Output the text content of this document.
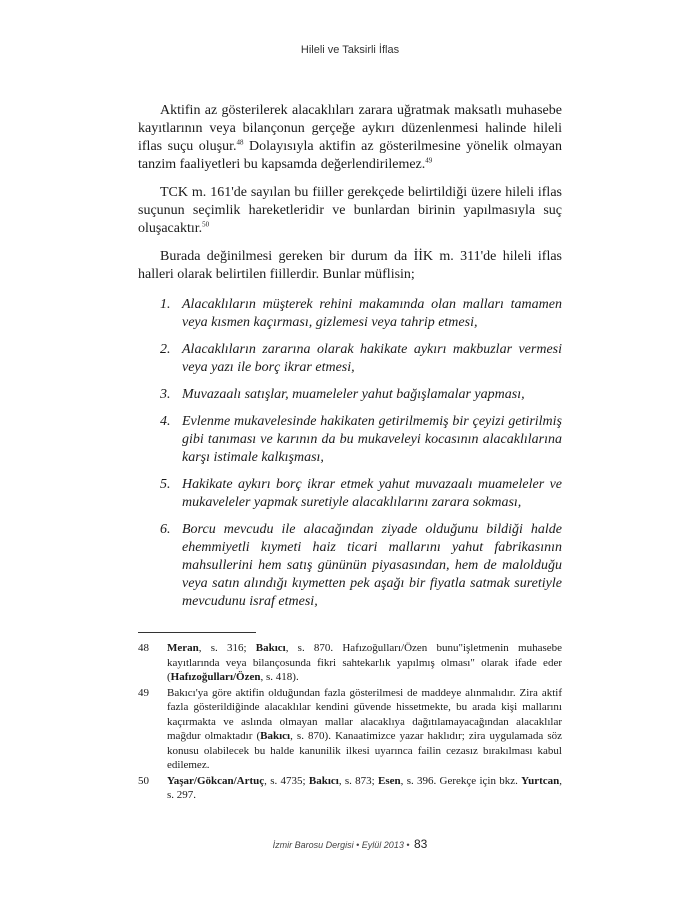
Hileli ve Taksirli İflas

Aktifin az gösterilerek alacaklıları zarara uğratmak maksatlı muhasebe kayıtlarının veya bilançonun gerçeğe aykırı düzenlenmesi halinde hileli iflas suçu oluşur.$^{48}$ Dolayısıyla aktifin az gösterilmesine yönelik olmayan tanzim faaliyetleri bu kapsamda değerlendirilemez.$^{49}$

TCK m. 161'de sayılan bu fiiller gerekçede belirtildiği üzere hileli iflas suçunun seçimlik hareketleridir ve bunlardan birinin yapılmasıyla suç oluşacaktır.$^{50}$

Burada değinilmesi gereken bir durum da İİK m. 311'de hileli iflas halleri olarak belirtilen fiillerdir. Bunlar müflisin;

1. Alacaklıların müşterek rehini makamında olan malları tamamen veya kısmen kaçırması, gizlemesi veya tahrip etmesi,
2. Alacaklıların zararına olarak hakikate aykırı makbuzlar vermesi veya yazı ile borç ikrar etmesi,
3. Muvazaalı satışlar, muameleler yahut bağışlamalar yapması,
4. Evlenme mukavelesinde hakikaten getirilmemiş bir çeyizi getirilmiş gibi tanıması ve karının da bu mukaveleyi kocasının alacaklılarına karşı istimale kalkışması,
5. Hakikate aykırı borç ikrar etmek yahut muvazaalı muameleler ve mukaveleler yapmak suretiyle alacaklılarını zarara sokması,
6. Borcu mevcudu ile alacağından ziyade olduğunu bildiği halde ehemmiyetli kıymeti haiz ticari mallarını yahut fabrikasının mahsullerini hem satış gününün piyasasından, hem de malolduğu veya satın alındığı kıymetten pek aşağı bir fiyatla satmak suretiyle mevcudunu israf etmesi,
48	Meran, s. 316; Bakıcı, s. 870. Hafızoğulları/Özen bunu"işletmenin muhasebe kayıtlarında veya bilançosunda fikri sahtekarlık yapılmış olması" olarak ifade eder (Hafızoğulları/Özen, s. 418).
49	Bakıcı'ya göre aktifin olduğundan fazla gösterilmesi de maddeye alınmalıdır. Zira aktif fazla gösterildiğinde alacaklılar kendini güvende hissetmekte, bu arada kişi mallarını kaçırmakta ve aslında olmayan mallar alacaklıya dağıtılamayacağından alacaklılar mağdur olmaktadır (Bakıcı, s. 870). Kanaatimizce yazar haklıdır; zira uygulamada söz konusu olabilecek bu halde kanunilik ilkesi uyarınca failin cezasız bırakılması kabul edilemez.
50	Yaşar/Gökcan/Artuç, s. 4735; Bakıcı, s. 873; Esen, s. 396. Gerekçe için bkz. Yurtcan, s. 297.
İzmir Barosu Dergisi • Eylül 2013 • 83
